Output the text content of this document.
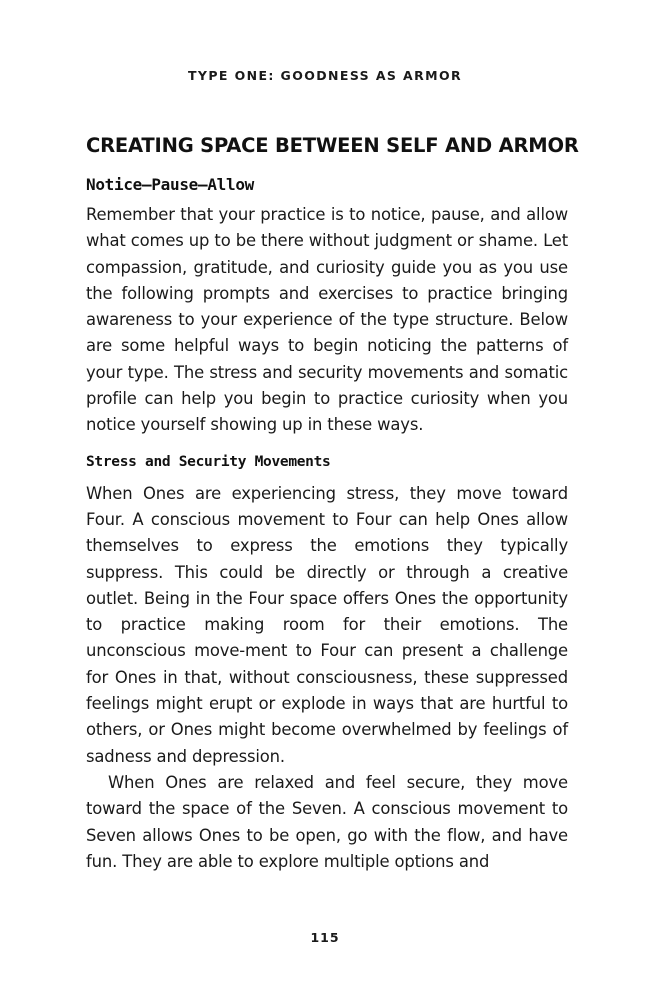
TYPE ONE: GOODNESS AS ARMOR
CREATING SPACE BETWEEN SELF AND ARMOR
Notice—Pause—Allow

Remember that your practice is to notice, pause, and allow what comes up to be there without judgment or shame. Let compassion, gratitude, and curiosity guide you as you use the following prompts and exercises to practice bringing awareness to your experience of the type structure. Below are some helpful ways to begin noticing the patterns of your type. The stress and security movements and somatic profile can help you begin to practice curiosity when you notice yourself showing up in these ways.

Stress and Security Movements

When Ones are experiencing stress, they move toward Four. A conscious movement to Four can help Ones allow themselves to express the emotions they typically suppress. This could be directly or through a creative outlet. Being in the Four space offers Ones the opportunity to practice making room for their emotions. The unconscious move-ment to Four can present a challenge for Ones in that, without consciousness, these suppressed feelings might erupt or explode in ways that are hurtful to others, or Ones might become overwhelmed by feelings of sadness and depression.

When Ones are relaxed and feel secure, they move toward the space of the Seven. A conscious movement to Seven allows Ones to be open, go with the flow, and have fun. They are able to explore multiple options and

115
